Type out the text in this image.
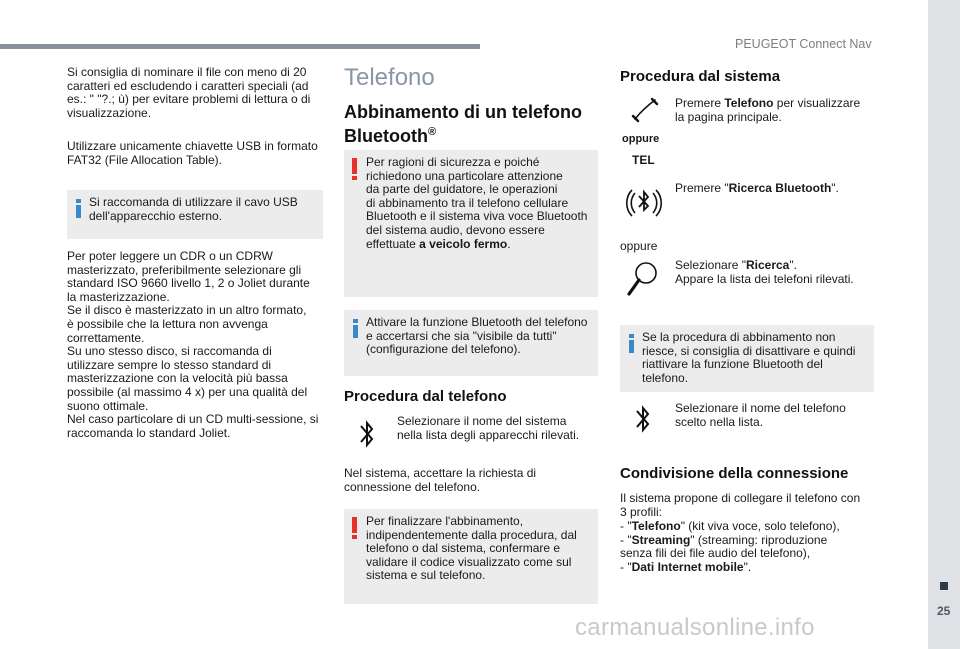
PEUGEOT Connect Nav
25
carmanualsonline.info

Si consiglia di nominare il file con meno di 20
caratteri ed escludendo i caratteri speciali (ad
es.: " "?.; ù) per evitare problemi di lettura o di
visualizzazione.

Utilizzare unicamente chiavette USB in formato
FAT32 (File Allocation Table).

Si raccomanda di utilizzare il cavo USB
dell'apparecchio esterno.

Per poter leggere un CDR o un CDRW
masterizzato, preferibilmente selezionare gli
standard ISO 9660 livello 1, 2 o Joliet durante
la masterizzazione.
Se il disco è masterizzato in un altro formato,
è possibile che la lettura non avvenga
correttamente.
Su uno stesso disco, si raccomanda di
utilizzare sempre lo stesso standard di
masterizzazione con la velocità più bassa
possibile (al massimo 4 x) per una qualità del
suono ottimale.
Nel caso particolare di un CD multi-sessione, si
raccomanda lo standard Joliet.

Telefono
Abbinamento di un telefono
Bluetooth®

Per ragioni di sicurezza e poiché
richiedono una particolare attenzione
da parte del guidatore, le operazioni
di abbinamento tra il telefono cellulare
Bluetooth e il sistema viva voce Bluetooth
del sistema audio, devono essere
effettuate a veicolo fermo.

Attivare la funzione Bluetooth del telefono
e accertarsi che sia "visibile da tutti"
(configurazione del telefono).

Procedura dal telefono

Selezionare il nome del sistema
nella lista degli apparecchi rilevati.

Nel sistema, accettare la richiesta di
connessione del telefono.

Per finalizzare l'abbinamento,
indipendentemente dalla procedura, dal
telefono o dal sistema, confermare e
validare il codice visualizzato come sul
sistema e sul telefono.

Procedura dal sistema

Premere Telefono per visualizzare
la pagina principale.

oppure
TEL

Premere "Ricerca Bluetooth".

oppure

Selezionare "Ricerca".
Appare la lista dei telefoni rilevati.

Se la procedura di abbinamento non
riesce, si consiglia di disattivare e quindi
riattivare la funzione Bluetooth del
telefono.

Selezionare il nome del telefono
scelto nella lista.

Condivisione della connessione

Il sistema propone di collegare il telefono con
3 profili:

- "Telefono" (kit viva voce, solo telefono),

- "Streaming" (streaming: riproduzione
senza fili dei file audio del telefono),

- "Dati Internet mobile".
